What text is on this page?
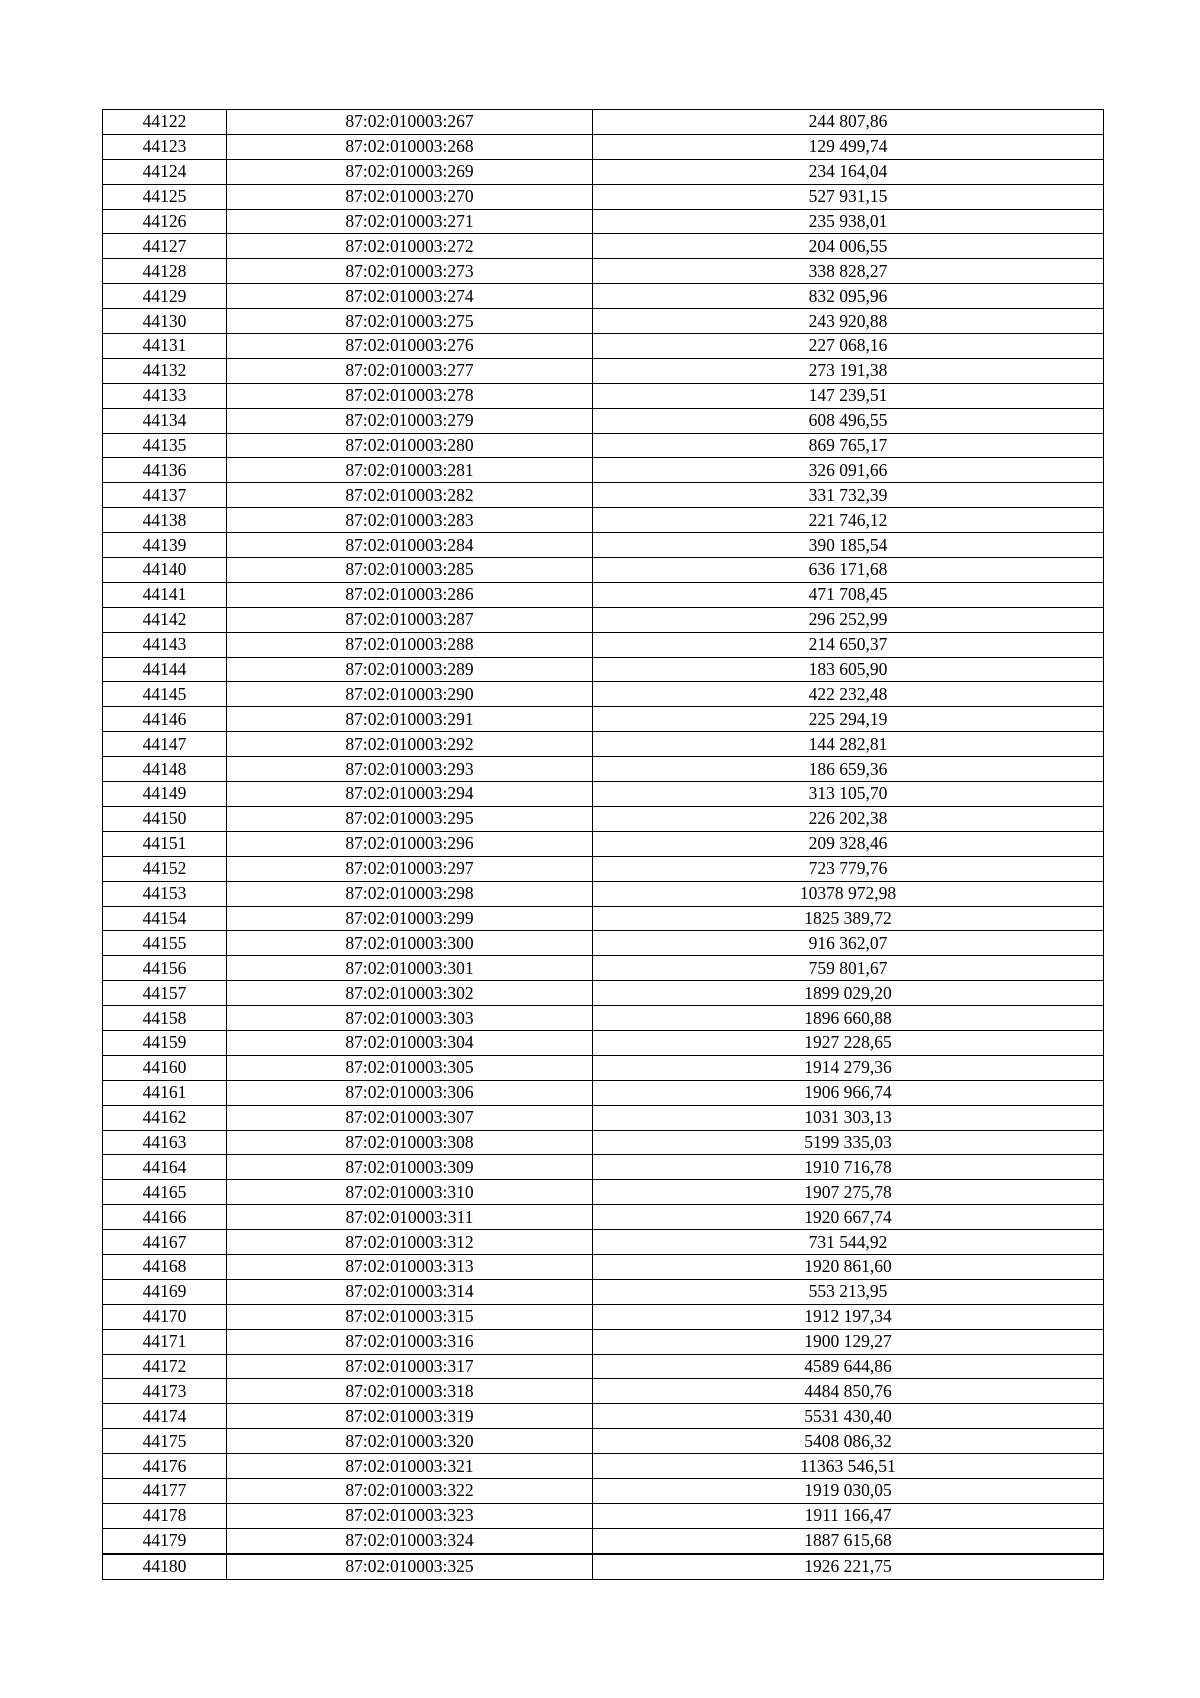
44122	87:02:010003:267	244 807,86
44123	87:02:010003:268	129 499,74
44124	87:02:010003:269	234 164,04
44125	87:02:010003:270	527 931,15
44126	87:02:010003:271	235 938,01
44127	87:02:010003:272	204 006,55
44128	87:02:010003:273	338 828,27
44129	87:02:010003:274	832 095,96
44130	87:02:010003:275	243 920,88
44131	87:02:010003:276	227 068,16
44132	87:02:010003:277	273 191,38
44133	87:02:010003:278	147 239,51
44134	87:02:010003:279	608 496,55
44135	87:02:010003:280	869 765,17
44136	87:02:010003:281	326 091,66
44137	87:02:010003:282	331 732,39
44138	87:02:010003:283	221 746,12
44139	87:02:010003:284	390 185,54
44140	87:02:010003:285	636 171,68
44141	87:02:010003:286	471 708,45
44142	87:02:010003:287	296 252,99
44143	87:02:010003:288	214 650,37
44144	87:02:010003:289	183 605,90
44145	87:02:010003:290	422 232,48
44146	87:02:010003:291	225 294,19
44147	87:02:010003:292	144 282,81
44148	87:02:010003:293	186 659,36
44149	87:02:010003:294	313 105,70
44150	87:02:010003:295	226 202,38
44151	87:02:010003:296	209 328,46
44152	87:02:010003:297	723 779,76
44153	87:02:010003:298	10378 972,98
44154	87:02:010003:299	1825 389,72
44155	87:02:010003:300	916 362,07
44156	87:02:010003:301	759 801,67
44157	87:02:010003:302	1899 029,20
44158	87:02:010003:303	1896 660,88
44159	87:02:010003:304	1927 228,65
44160	87:02:010003:305	1914 279,36
44161	87:02:010003:306	1906 966,74
44162	87:02:010003:307	1031 303,13
44163	87:02:010003:308	5199 335,03
44164	87:02:010003:309	1910 716,78
44165	87:02:010003:310	1907 275,78
44166	87:02:010003:311	1920 667,74
44167	87:02:010003:312	731 544,92
44168	87:02:010003:313	1920 861,60
44169	87:02:010003:314	553 213,95
44170	87:02:010003:315	1912 197,34
44171	87:02:010003:316	1900 129,27
44172	87:02:010003:317	4589 644,86
44173	87:02:010003:318	4484 850,76
44174	87:02:010003:319	5531 430,40
44175	87:02:010003:320	5408 086,32
44176	87:02:010003:321	11363 546,51
44177	87:02:010003:322	1919 030,05
44178	87:02:010003:323	1911 166,47
44179	87:02:010003:324	1887 615,68
44180	87:02:010003:325	1926 221,75
